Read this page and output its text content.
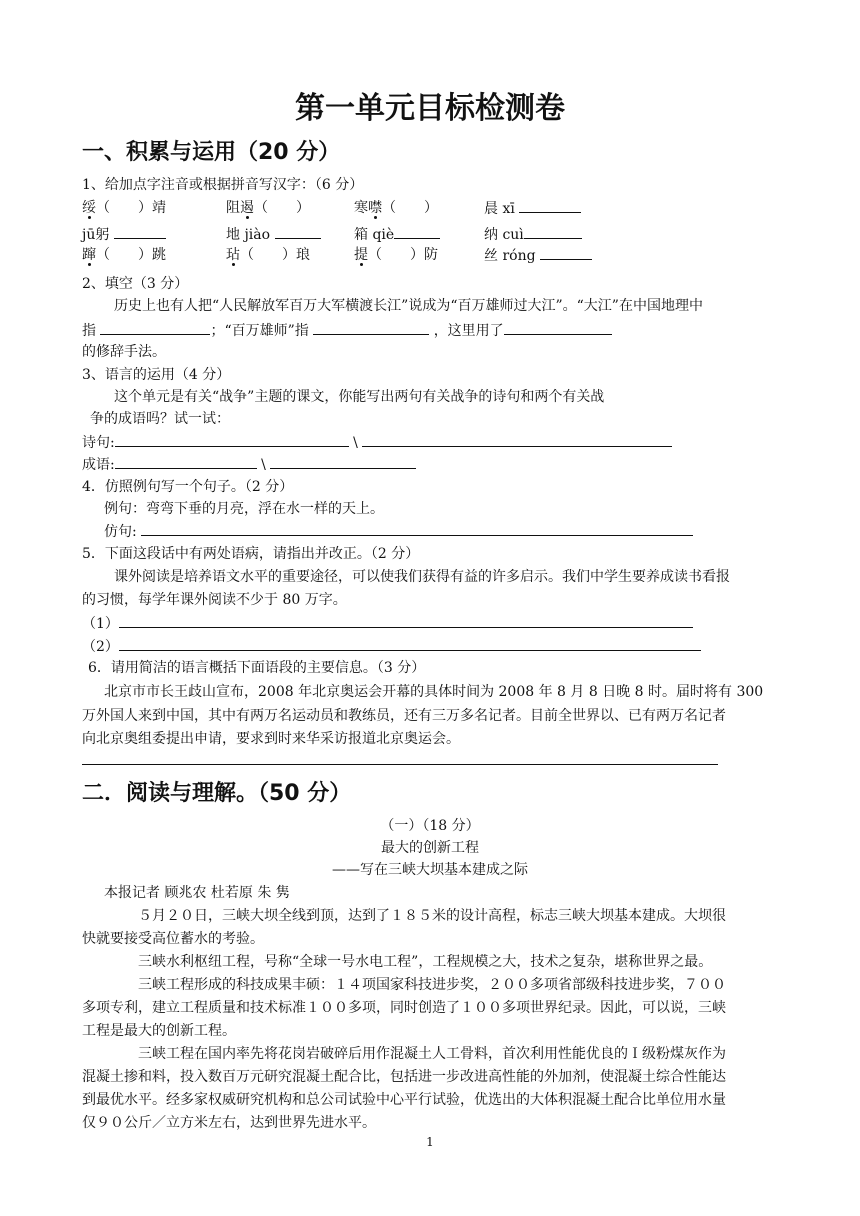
第一单元目标检测卷
一、积累与运用（20 分）
1、给加点字注音或根据拼音写汉字：（6 分）
绥（　　）靖	阻遏（　　）	寒噤（　　）	晨 xī
jū躬	地 jiào	箱 qiè	纳 cuì
蹿（　　）跳	玷（　　）琅	提（　　）防	丝 róng
2、填空（3 分）
历史上也有人把“人民解放军百万大军横渡长江”说成为“百万雄师过大江”。“大江”在中国地理中
指	；“百万雄师”指	，这里用了
的修辞手法。
3、语言的运用（4 分）
这个单元是有关“战争”主题的课文，你能写出两句有关战争的诗句和两个有关战
争的成语吗？试一试：
诗句:	\
成语:	\
4．仿照例句写一个句子。（2 分）
例句：弯弯下垂的月亮，浮在水一样的天上。
仿句:
5．下面这段话中有两处语病，请指出并改正。（2 分）
课外阅读是培养语文水平的重要途径，可以使我们获得有益的许多启示。我们中学生要养成读书看报
的习惯，每学年课外阅读不少于 80 万字。
（1）
（2）
6．请用简洁的语言概括下面语段的主要信息。（3 分）
北京市市长王歧山宣布，2008 年北京奥运会开幕的具体时间为 2008 年 8 月 8 日晚 8 时。届时将有 300
万外国人来到中国，其中有两万名运动员和教练员，还有三万多名记者。目前全世界以、已有两万名记者
向北京奥组委提出申请，要求到时来华采访报道北京奥运会。
二．阅读与理解。（50 分）
（一）（18 分）
最大的创新工程
——写在三峡大坝基本建成之际
本报记者 顾兆农 杜若原 朱 隽
５月２０日，三峡大坝全线到顶，达到了１８５米的设计高程，标志三峡大坝基本建成。大坝很
快就要接受高位蓄水的考验。
三峡水利枢纽工程，号称“全球一号水电工程”，工程规模之大，技术之复杂，堪称世界之最。
三峡工程形成的科技成果丰硕：１４项国家科技进步奖，２００多项省部级科技进步奖，７００
多项专利，建立工程质量和技术标准１００多项，同时创造了１００多项世界纪录。因此，可以说，三峡
工程是最大的创新工程。
三峡工程在国内率先将花岗岩破碎后用作混凝土人工骨料，首次利用性能优良的Ｉ级粉煤灰作为
混凝土掺和料，投入数百万元研究混凝土配合比，包括进一步改进高性能的外加剂，使混凝土综合性能达
到最优水平。经多家权威研究机构和总公司试验中心平行试验，优选出的大体积混凝土配合比单位用水量
仅９０公斤／立方米左右，达到世界先进水平。
1
